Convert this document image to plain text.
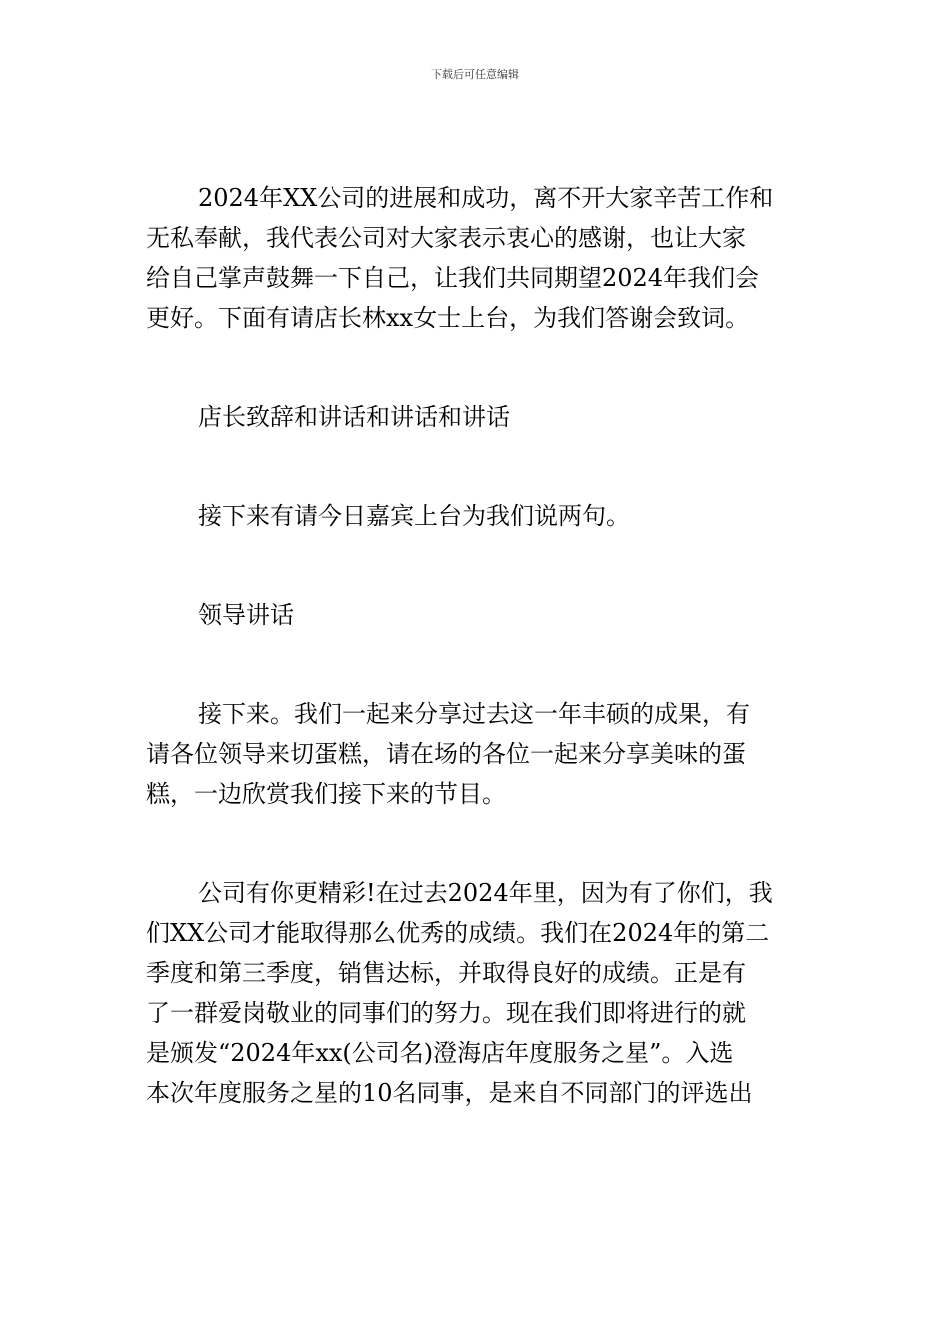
下载后可任意编辑
2024年XX公司的进展和成功，离不开大家辛苦工作和
无私奉献，我代表公司对大家表示衷心的感谢，也让大家
给自己掌声鼓舞一下自己，让我们共同期望2024年我们会
更好。下面有请店长林xx女士上台，为我们答谢会致词。
店长致辞和讲话和讲话和讲话
接下来有请今日嘉宾上台为我们说两句。
领导讲话
接下来。我们一起来分享过去这一年丰硕的成果，有
请各位领导来切蛋糕，请在场的各位一起来分享美味的蛋
糕，一边欣赏我们接下来的节目。
公司有你更精彩!在过去2024年里，因为有了你们，我
们XX公司才能取得那么优秀的成绩。我们在2024年的第二
季度和第三季度，销售达标，并取得良好的成绩。正是有
了一群爱岗敬业的同事们的努力。现在我们即将进行的就
是颁发“2024年xx(公司名)澄海店年度服务之星”。入选
本次年度服务之星的10名同事，是来自不同部门的评选出
